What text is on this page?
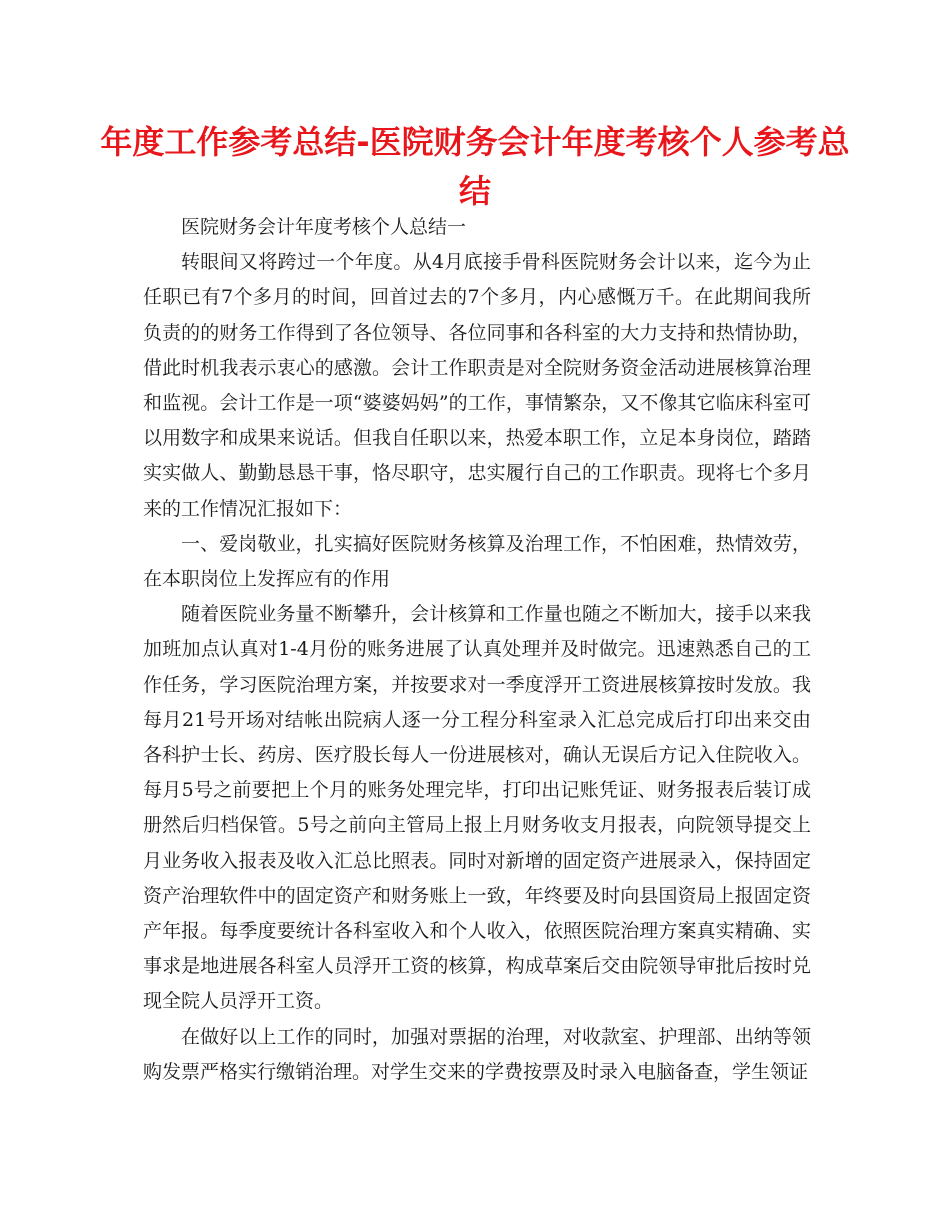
年度工作参考总结-医院财务会计年度考核个人参考总结

医院财务会计年度考核个人总结一

转眼间又将跨过一个年度。从4月底接手骨科医院财务会计以来，迄今为止任职已有7个多月的时间，回首过去的7个多月，内心感慨万千。在此期间我所负责的的财务工作得到了各位领导、各位同事和各科室的大力支持和热情协助，借此时机我表示衷心的感激。会计工作职责是对全院财务资金活动进展核算治理和监视。会计工作是一项“婆婆妈妈”的工作，事情繁杂，又不像其它临床科室可以用数字和成果来说话。但我自任职以来，热爱本职工作，立足本身岗位，踏踏实实做人、勤勤恳恳干事，恪尽职守，忠实履行自己的工作职责。现将七个多月来的工作情况汇报如下：

一、爱岗敬业，扎实搞好医院财务核算及治理工作，不怕困难，热情效劳，在本职岗位上发挥应有的作用

随着医院业务量不断攀升，会计核算和工作量也随之不断加大，接手以来我加班加点认真对1-4月份的账务进展了认真处理并及时做完。迅速熟悉自己的工作任务，学习医院治理方案，并按要求对一季度浮开工资进展核算按时发放。我每月21号开场对结帐出院病人逐一分工程分科室录入汇总完成后打印出来交由各科护士长、药房、医疗股长每人一份进展核对，确认无误后方记入住院收入。每月5号之前要把上个月的账务处理完毕，打印出记账凭证、财务报表后装订成册然后归档保管。5号之前向主管局上报上月财务收支月报表，向院领导提交上月业务收入报表及收入汇总比照表。同时对新增的固定资产进展录入，保持固定资产治理软件中的固定资产和财务账上一致，年终要及时向县国资局上报固定资产年报。每季度要统计各科室收入和个人收入，依照医院治理方案真实精确、实事求是地进展各科室人员浮开工资的核算，构成草案后交由院领导审批后按时兑现全院人员浮开工资。

在做好以上工作的同时，加强对票据的治理，对收款室、护理部、出纳等领购发票严格实行缴销治理。对学生交来的学费按票及时录入电脑备查，学生领证
